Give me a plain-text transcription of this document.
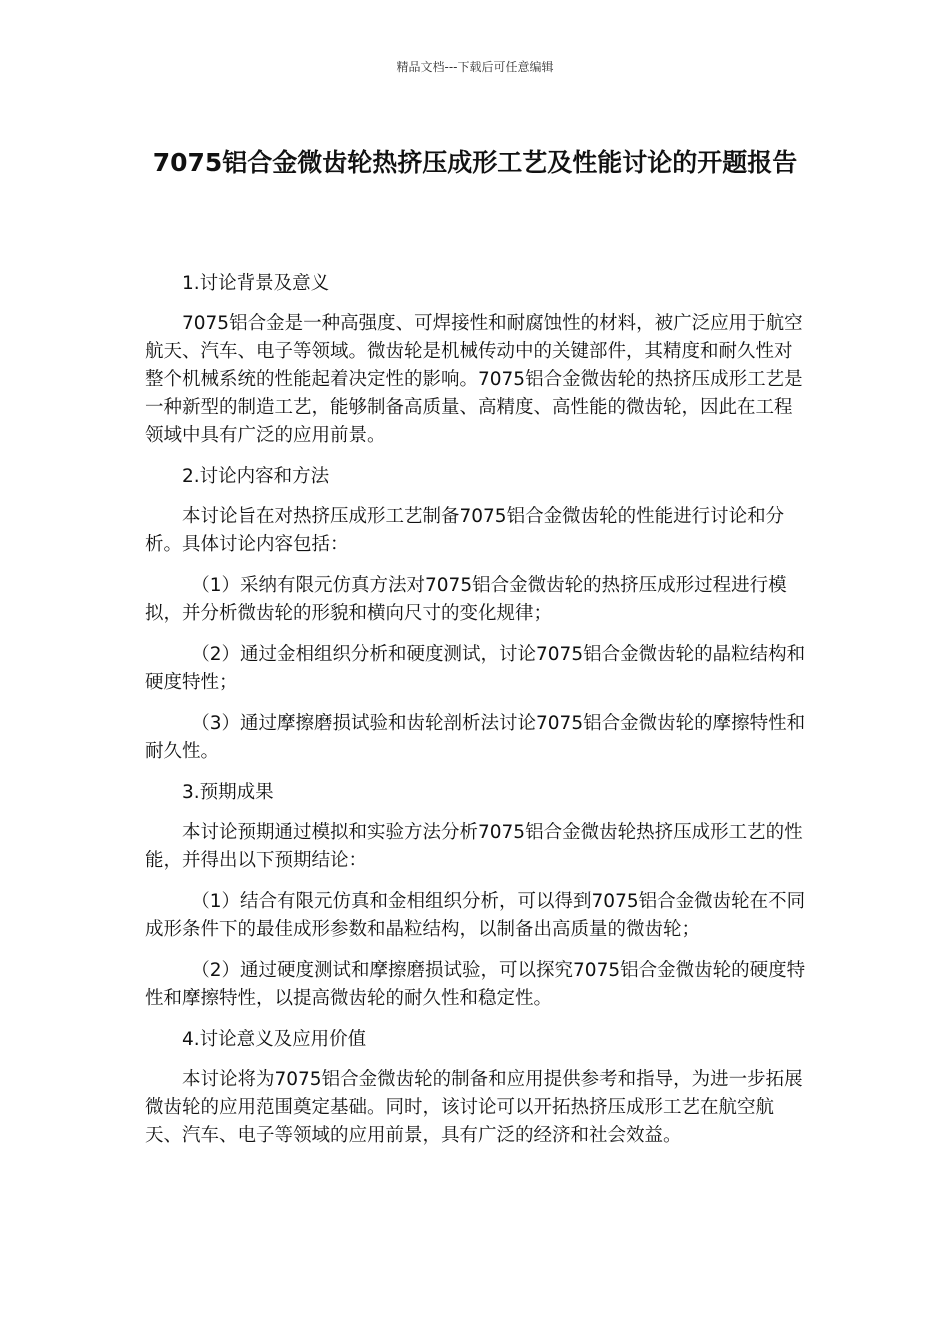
精品文档---下载后可任意编辑
7075铝合金微齿轮热挤压成形工艺及性能讨论的开题报告

1.讨论背景及意义

7075铝合金是一种高强度、可焊接性和耐腐蚀性的材料，被广泛应用于航空航天、汽车、电子等领域。微齿轮是机械传动中的关键部件，其精度和耐久性对整个机械系统的性能起着决定性的影响。7075铝合金微齿轮的热挤压成形工艺是一种新型的制造工艺，能够制备高质量、高精度、高性能的微齿轮，因此在工程领域中具有广泛的应用前景。

2.讨论内容和方法

本讨论旨在对热挤压成形工艺制备7075铝合金微齿轮的性能进行讨论和分析。具体讨论内容包括：

（1）采纳有限元仿真方法对7075铝合金微齿轮的热挤压成形过程进行模拟，并分析微齿轮的形貌和横向尺寸的变化规律；

（2）通过金相组织分析和硬度测试，讨论7075铝合金微齿轮的晶粒结构和硬度特性；

（3）通过摩擦磨损试验和齿轮剖析法讨论7075铝合金微齿轮的摩擦特性和耐久性。

3.预期成果

本讨论预期通过模拟和实验方法分析7075铝合金微齿轮热挤压成形工艺的性能，并得出以下预期结论：

（1）结合有限元仿真和金相组织分析，可以得到7075铝合金微齿轮在不同成形条件下的最佳成形参数和晶粒结构，以制备出高质量的微齿轮；

（2）通过硬度测试和摩擦磨损试验，可以探究7075铝合金微齿轮的硬度特性和摩擦特性，以提高微齿轮的耐久性和稳定性。

4.讨论意义及应用价值

本讨论将为7075铝合金微齿轮的制备和应用提供参考和指导，为进一步拓展微齿轮的应用范围奠定基础。同时，该讨论可以开拓热挤压成形工艺在航空航天、汽车、电子等领域的应用前景，具有广泛的经济和社会效益。
